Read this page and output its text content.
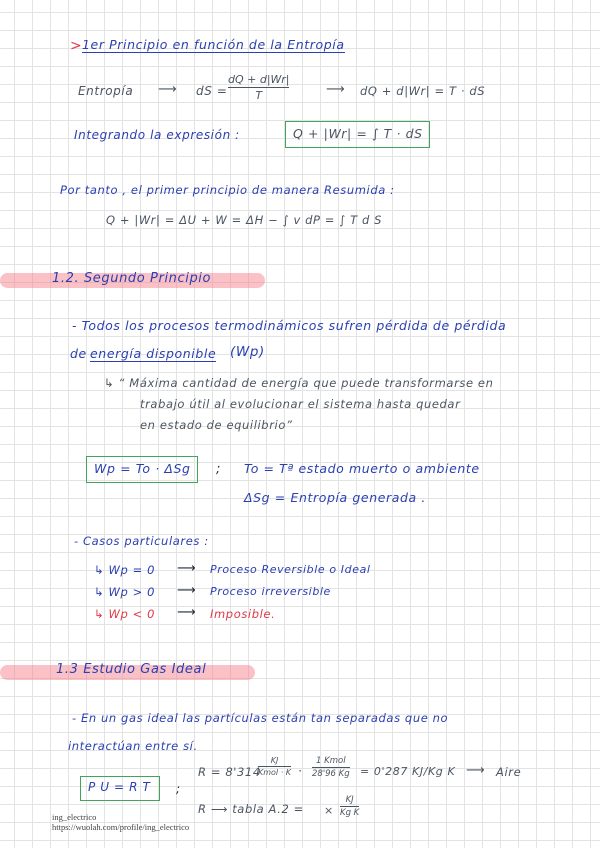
> 1er Principio en función de la Entropía
Entropía ⟶ dS =
dQ + d|Wr|
T	⟶ dQ + d|Wr| = T · dS
Integrando la expresión :	Q + |Wr| = ∫ T · dS
Por tanto , el primer principio de manera Resumida :
Q + |Wr| = ΔU + W = ΔH − ∫ v dP = ∫ T d S
1.2. Segundo Principio
- Todos los procesos termodinámicos sufren pérdida de pérdida
de energía disponible (Wp)
↳ “ Máxima cantidad de energía que puede transformarse en
trabajo útil al evolucionar el sistema hasta quedar
en estado de equilibrio”
Wp = To · ΔSg ; To = Tª estado muerto o ambiente
ΔSg = Entropía generada .
- Casos particulares :
↳ Wp = 0 ⟶ Proceso Reversible o Ideal
↳ Wp > 0 ⟶ Proceso irreversible
↳ Wp < 0 ⟶ Imposible.
1.3 Estudio Gas Ideal
- En un gas ideal las partículas están tan separadas que no
interactúan entre sí.
P U = R T ;
R = 8'314
KJ
Kmol · K ·
1 Kmol
28'96 Kg = 0'287 KJ/Kg K ⟶ Aire
R ⟶ tabla A.2 = ×
KJ
Kg K
ing_electrico
https://wuolah.com/profile/ing_electrico
